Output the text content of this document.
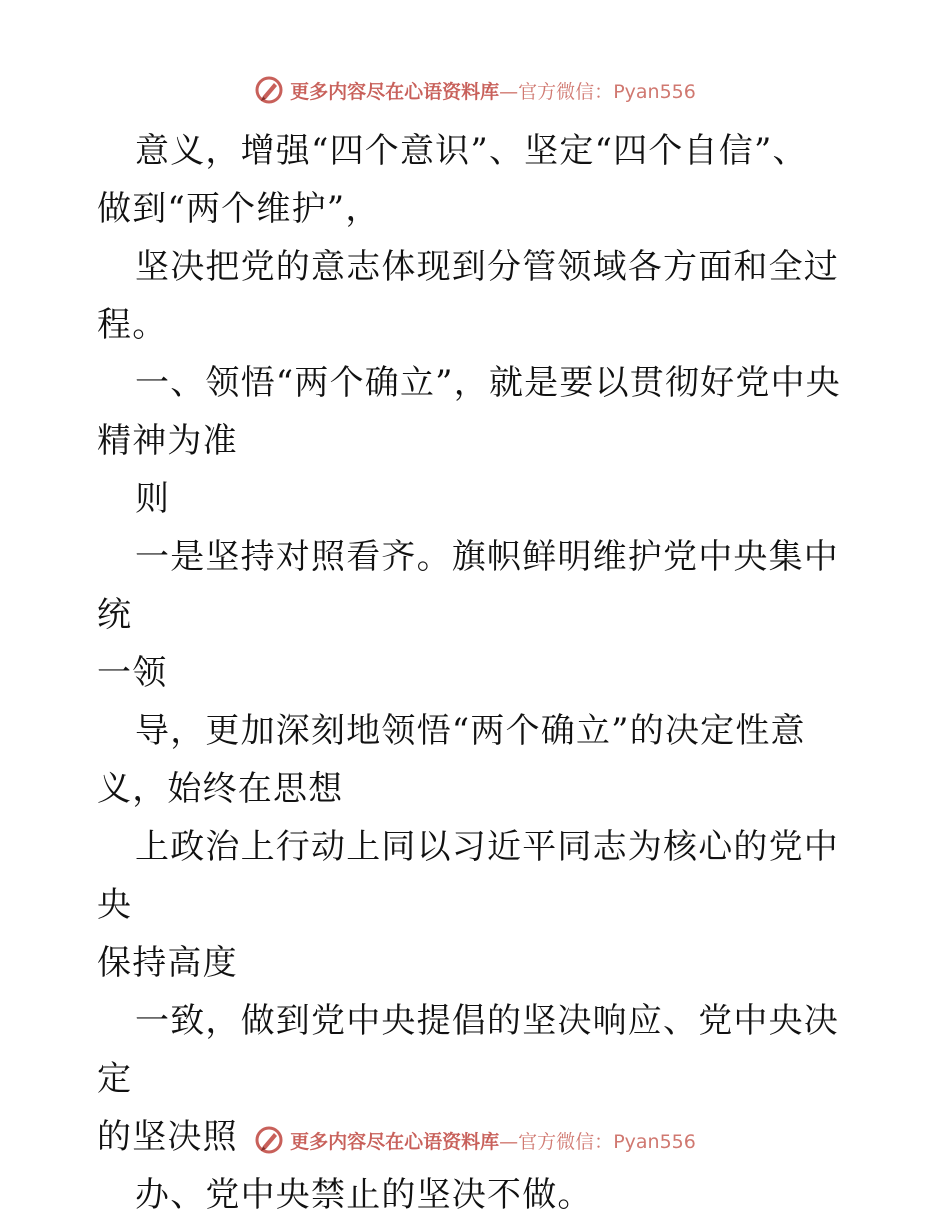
更多内容尽在心语资料库—官方微信：Pyan556

意义，增强“四个意识”、坚定“四个自信”、
做到“两个维护”，

坚决把党的意志体现到分管领域各方面和全过
程。

一、领悟“两个确立”，就是要以贯彻好党中央
精神为准

则

一是坚持对照看齐。旗帜鲜明维护党中央集中统
一领

导，更加深刻地领悟“两个确立”的决定性意
义，始终在思想

上政治上行动上同以习近平同志为核心的党中央
保持高度

一致，做到党中央提倡的坚决响应、党中央决定
的坚决照

办、党中央禁止的坚决不做。

更多内容尽在心语资料库—官方微信：Pyan556
